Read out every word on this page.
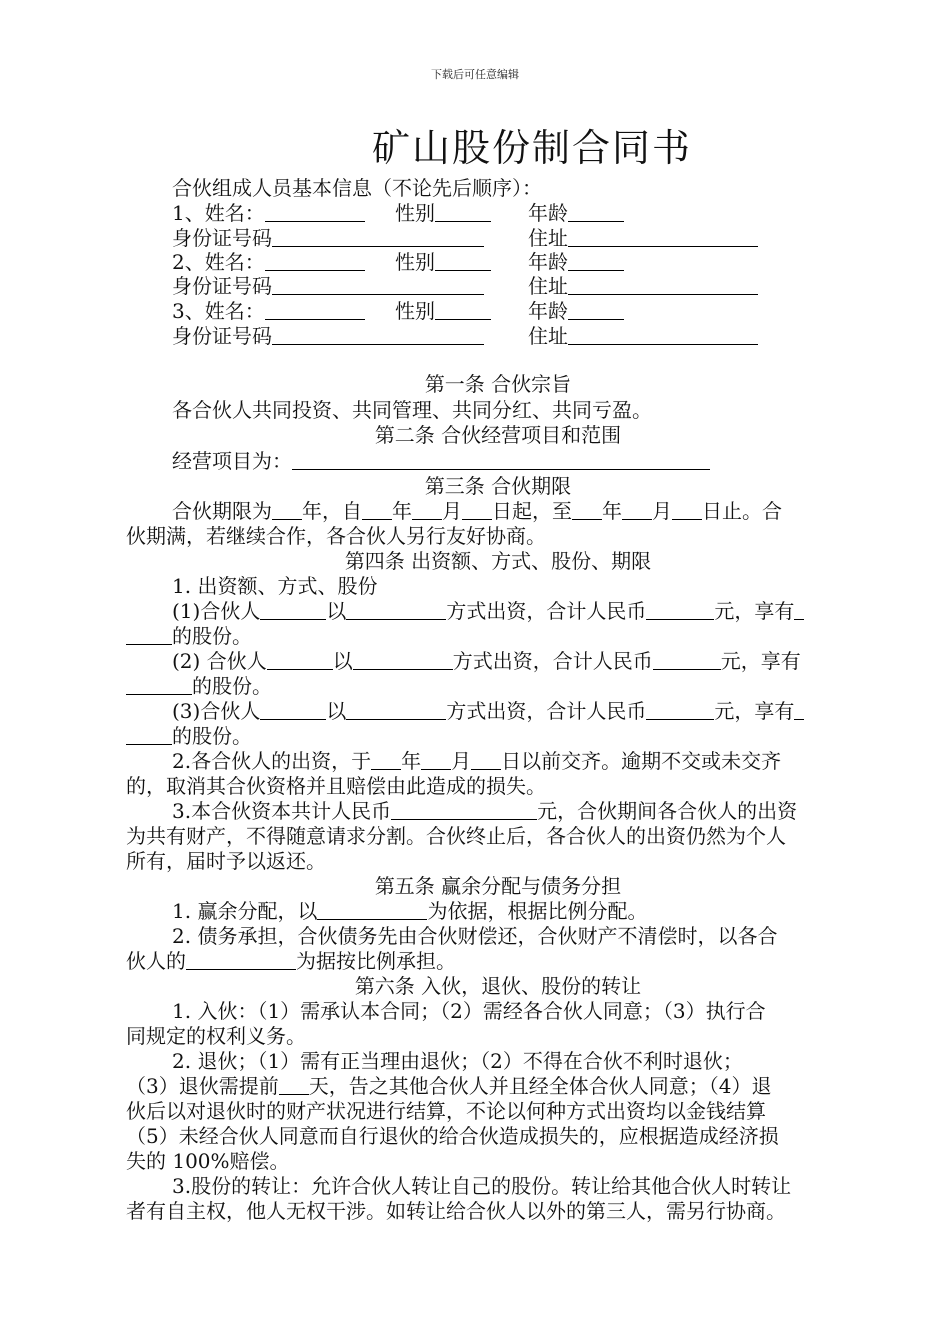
下载后可任意编辑
矿山股份制合同书
合伙组成人员基本信息（不论先后顺序）：
1、姓名：	性别	年龄
身份证号码	住址
2、姓名：	性别	年龄
身份证号码	住址
3、姓名：	性别	年龄
身份证号码	住址
第一条 合伙宗旨
各合伙人共同投资、共同管理、共同分红、共同亏盈。
第二条 合伙经营项目和范围
经营项目为：
第三条 合伙期限
合伙期限为 年，自 年 月 日起，至 年 月 日止。合
伙期满，若继续合作，各合伙人另行友好协商。
第四条 出资额、方式、股份、期限
1. 出资额、方式、股份
(1)合伙人	以	方式出资，合计人民币	元，享有
的股份。
(2) 合伙人	以	方式出资，合计人民币	元，享有
的股份。
(3)合伙人	以	方式出资，合计人民币	元，享有
的股份。
2.各合伙人的出资，于 年 月 日以前交齐。逾期不交或未交齐
的，取消其合伙资格并且赔偿由此造成的损失。
3.本合伙资本共计人民币	元，合伙期间各合伙人的出资
为共有财产，不得随意请求分割。合伙终止后，各合伙人的出资仍然为个人
所有，届时予以返还。
第五条 赢余分配与债务分担
1. 赢余分配，以	为依据，根据比例分配。
2. 债务承担，合伙债务先由合伙财偿还，合伙财产不清偿时，以各合
伙人的	为据按比例承担。
第六条 入伙，退伙、股份的转让
1. 入伙：（1）需承认本合同；（2）需经各合伙人同意；（3）执行合
同规定的权利义务。
2. 退伙；（1）需有正当理由退伙；（2）不得在合伙不利时退伙；
（3）退伙需提前 天，告之其他合伙人并且经全体合伙人同意；（4）退
伙后以对退伙时的财产状况进行结算，不论以何种方式出资均以金钱结算
（5）未经合伙人同意而自行退伙的给合伙造成损失的，应根据造成经济损
失的 100%赔偿。
3.股份的转让：允许合伙人转让自己的股份。转让给其他合伙人时转让
者有自主权，他人无权干涉。如转让给合伙人以外的第三人，需另行协商。
